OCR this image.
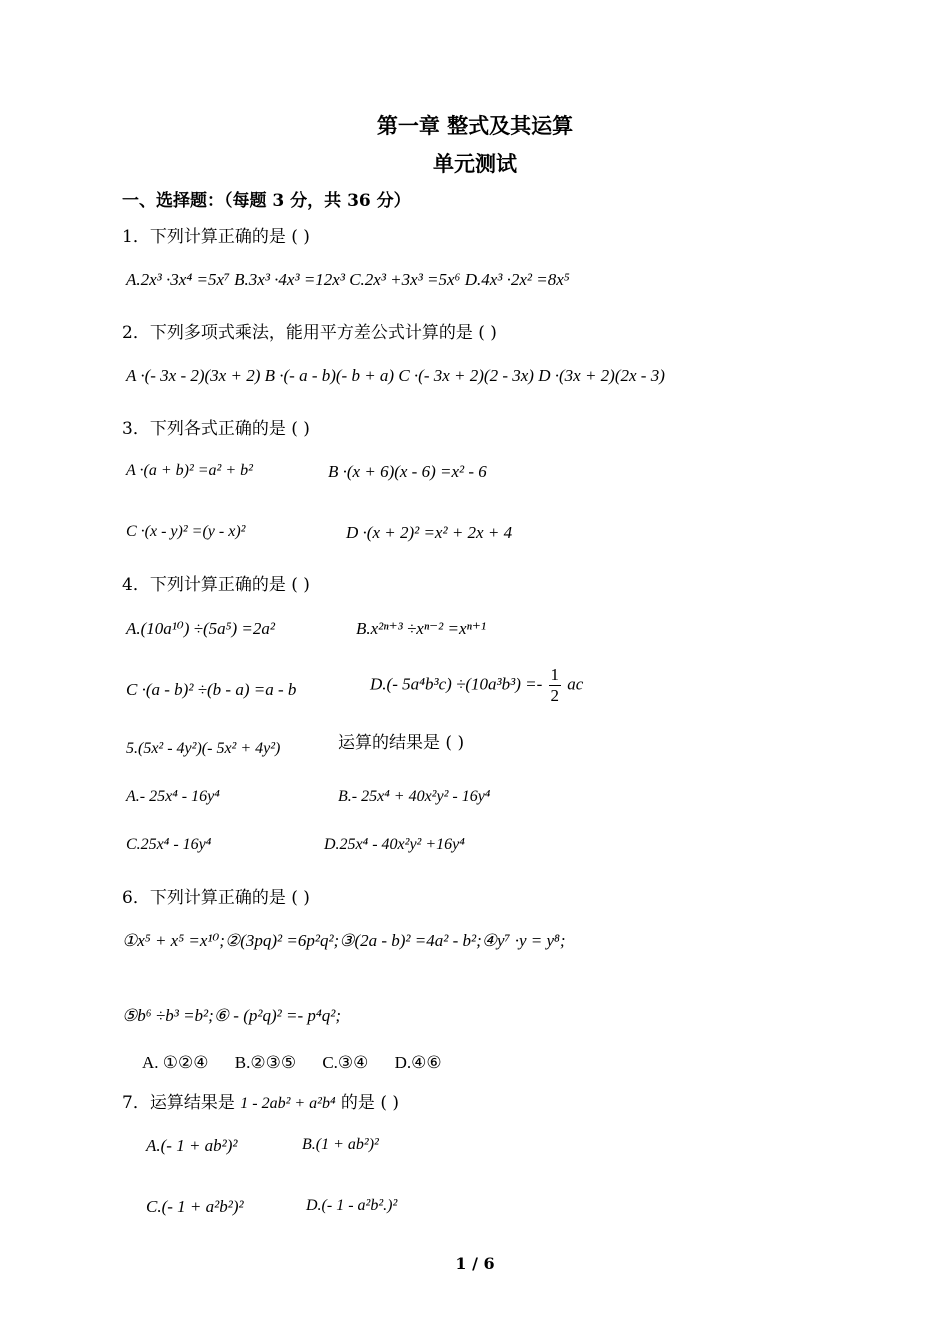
第一章 整式及其运算
单元测试
一、选择题：（每题 3 分，共 36 分）
1．下列计算正确的是 ( )
A.2x³ ·3x⁴ =5x⁷ B.3x³ ·4x³ =12x³ C.2x³ +3x³ =5x⁶ D.4x³ ·2x² =8x⁵
2．下列多项式乘法，能用平方差公式计算的是 ( )
A ·(- 3x - 2)(3x + 2) B ·(- a - b)(- b + a) C ·(- 3x + 2)(2 - 3x) D ·(3x + 2)(2x - 3)
3．下列各式正确的是 ( )
A ·(a + b)² =a² + b²	B ·(x + 6)(x - 6) =x² - 6
C ·(x - y)² =(y - x)²	D ·(x + 2)² =x² + 2x + 4
4．下列计算正确的是 ( )
A.(10a¹⁰) ÷(5a⁵) =2a²	B.x²ⁿ⁺³ ÷xⁿ⁻² =xⁿ⁺¹
C ·(a - b)² ÷(b - a) =a - b	D.(- $5a^4b^3c) \div(10a^3b^3) =- \frac{1}{2}$ ac
5.(5x² - 4y²)(- 5x² + 4y²)	运算的结果是 ( )
A.- 25x⁴ - 16y⁴	B.- 25x⁴ + 40x²y² - 16y⁴
C.25x⁴ - 16y⁴	D.25x⁴ - 40x²y² +16y⁴
6．下列计算正确的是 ( )
①x⁵ + x⁵ =x¹⁰;②(3pq)² =6p²q²;③(2a - b)² =4a² - b²;④y⁷ ·y = y⁸;
⑤b⁶ ÷b³ =b²;⑥ - (p²q)² =- p⁴q²;
A. ①②④ B.②③⑤ C.③④ D.④⑥
7．运算结果是 1 - 2ab² + a²b⁴ 的是 ( )
A.(- 1 + ab²)²	B.(1 + ab²)²
C.(- 1 + a²b²)²	D.(- 1 - a²b².)²
1 / 6
